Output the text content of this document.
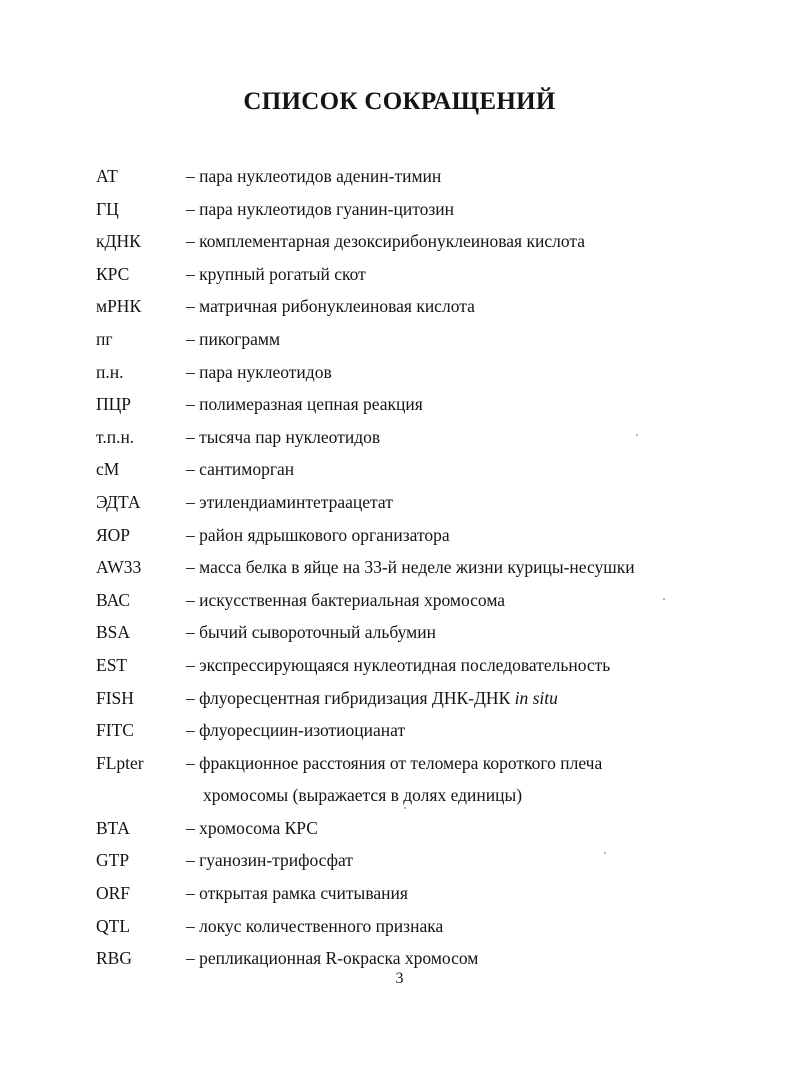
СПИСОК СОКРАЩЕНИЙ
АТ	– пара нуклеотидов аденин-тимин
ГЦ	– пара нуклеотидов гуанин-цитозин
кДНК	– комплементарная дезоксирибонуклеиновая кислота
КРС	– крупный рогатый скот
мРНК	– матричная рибонуклеиновая кислота
пг	– пикограмм
п.н.	– пара нуклеотидов
ПЦР	– полимеразная цепная реакция
т.п.н.	– тысяча пар нуклеотидов
сМ	– сантиморган
ЭДТА	– этилендиаминтетраацетат
ЯОР	– район ядрышкового организатора
AW33	– масса белка в яйце на 33-й неделе жизни курицы-несушки
ВАС	– искусственная бактериальная хромосома
BSA	– бычий сывороточный альбумин
EST	– экспрессирующаяся нуклеотидная последовательность
FISH	– флуоресцентная гибридизация ДНК-ДНК in situ
FITC	– флуоресциин-изотиоцианат
FLpter – фракционное расстояния от теломера короткого плеча
хромосомы (выражается в долях единицы)
ВТА	– хромосома КРС
GTP	– гуанозин-трифосфат
ORF	– открытая рамка считывания
QTL	– локус количественного признака
RBG	– репликационная R-окраска хромосом
3
